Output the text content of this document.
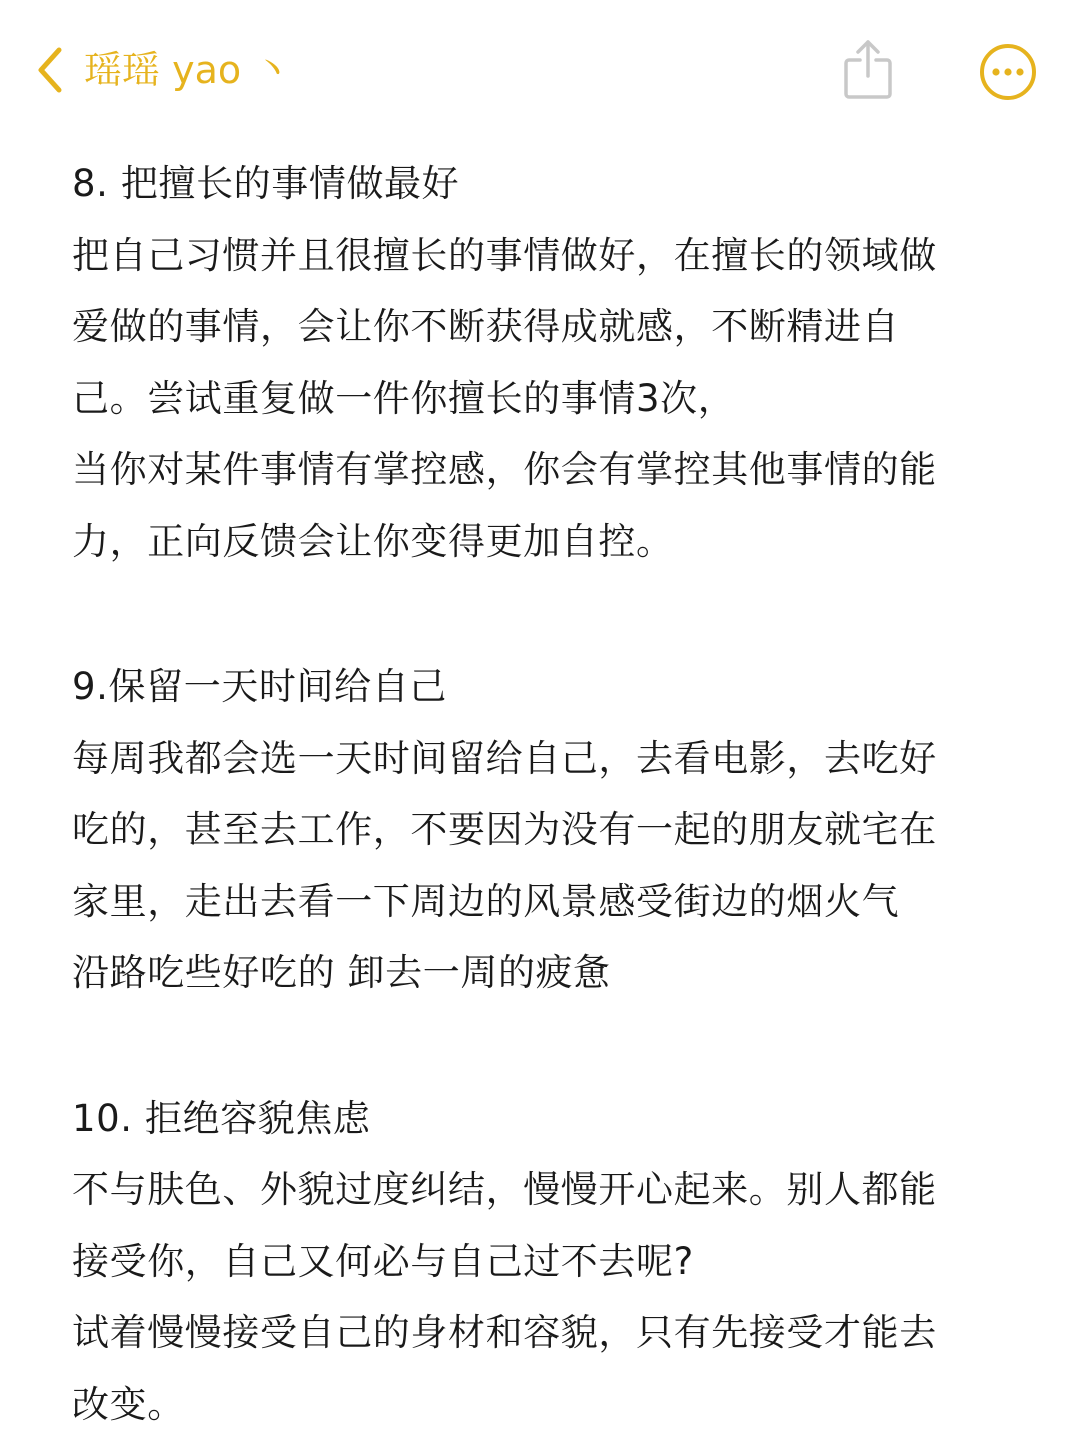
瑶瑶 yao 丶

8. 把擅长的事情做最好

把自己习惯并且很擅长的事情做好，在擅长的领域做

爱做的事情，会让你不断获得成就感，不断精进自

己。尝试重复做一件你擅长的事情3次，

当你对某件事情有掌控感，你会有掌控其他事情的能

力，正向反馈会让你变得更加自控。

9.保留一天时间给自己

每周我都会选一天时间留给自己，去看电影，去吃好

吃的，甚至去工作，不要因为没有一起的朋友就宅在

家里，走出去看一下周边的风景感受街边的烟火气

沿路吃些好吃的 卸去一周的疲惫

10. 拒绝容貌焦虑

不与肤色、外貌过度纠结，慢慢开心起来。别人都能

接受你，自己又何必与自己过不去呢?

试着慢慢接受自己的身材和容貌，只有先接受才能去

改变。
